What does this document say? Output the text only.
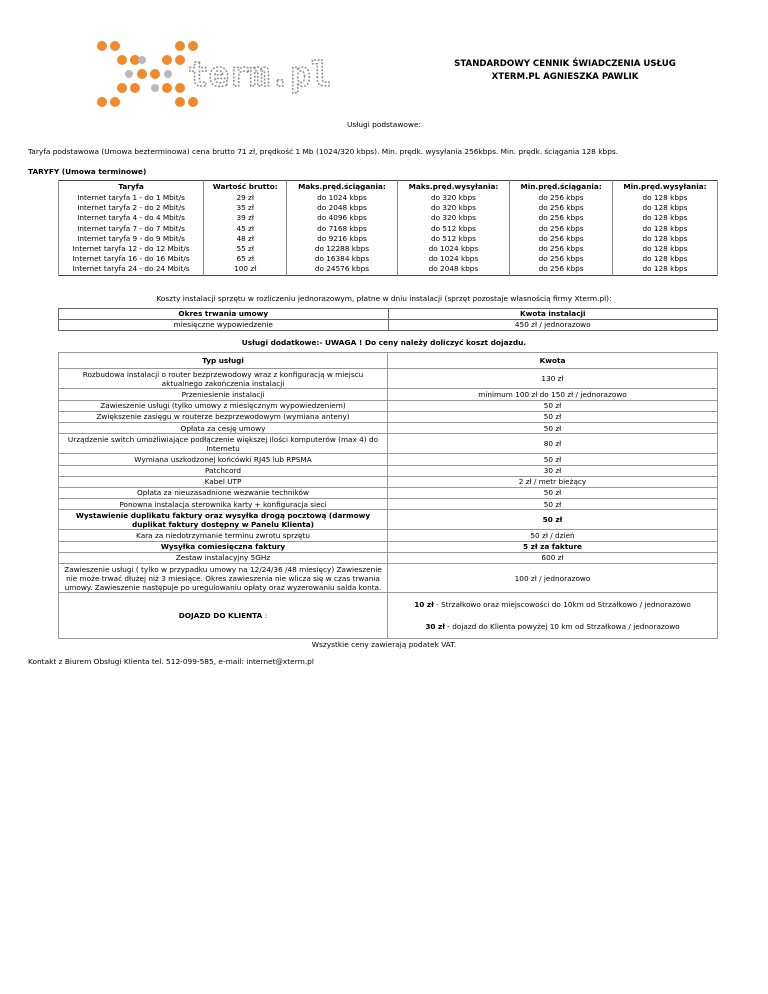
term.pl	STANDARDOWY CENNIK ŚWIADCZENIA USŁUG
XTERM.PL AGNIESZKA PAWLIK
Usługi podstawowe:
Taryfa podstawowa (Umowa bezterminowa) cena brutto 71 zł, prędkość 1 Mb (1024/320 kbps). Min. prędk. wysyłania 256kbps. Min. prędk. ściągania 128 kbps.
TARYFY (Umowa terminowe)
Taryfa	Wartość brutto:	Maks.pręd.ściągania:	Maks.pręd.wysyłania:	Min.pręd.ściągania:	Min.pręd.wysyłania:
Internet taryfa 1 - do 1 Mbit/s	29 zł	do 1024 kbps	do 320 kbps	do 256 kbps	do 128 kbps
Internet taryfa 2 - do 2 Mbit/s	35 zł	do 2048 kbps	do 320 kbps	do 256 kbps	do 128 kbps
Internet taryfa 4 - do 4 Mbit/s	39 zł	do 4096 kbps	do 320 kbps	do 256 kbps	do 128 kbps
Internet taryfa 7 - do 7 Mbit/s	45 zł	do 7168 kbps	do 512 kbps	do 256 kbps	do 128 kbps
Internet taryfa 9 - do 9 Mbit/s	48 zł	do 9216 kbps	do 512 kbps	do 256 kbps	do 128 kbps
Internet taryfa 12 - do 12 Mbit/s	55 zł	do 12288 kbps	do 1024 kbps	do 256 kbps	do 128 kbps
Internet taryfa 16 - do 16 Mbit/s	65 zł	do 16384 kbps	do 1024 kbps	do 256 kbps	do 128 kbps
Internet taryfa 24 - do 24 Mbit/s	100 zł	do 24576 kbps	do 2048 kbps	do 256 kbps	do 128 kbps
Koszty instalacji sprzętu w rozliczeniu jednorazowym, płatne w dniu instalacji (sprzęt pozostaje własnością firmy Xterm.pl):
Okres trwania umowy	Kwota instalacji
miesięczne wypowiedzenie	450 zł / jednorazowo
Usługi dodatkowe:- UWAGA ! Do ceny należy doliczyć koszt dojazdu.
Typ usługi	Kwota
Rozbudowa instalacji o router bezprzewodowy wraz z konfiguracją w miejscu aktualnego zakończenia instalacji	130 zł
Przeniesienie instalacji	minimum 100 zł do 150 zł / jednorazowo
Zawieszenie usługi (tylko umowy z miesięcznym wypowiedzeniem)	50 zł
Zwiększenie zasięgu w routerze bezprzewodowym (wymiana anteny)	50 zł
Opłata za cesję umowy	50 zł
Urządzenie switch umożliwiające podłączenie większej ilości komputerów (max 4) do Internetu	80 zł
Wymiana uszkodzonej końcówki RJ45 lub RPSMA	50 zł
Patchcord	30 zł
Kabel UTP	2 zł / metr bieżący
Opłata za nieuzasadnione wezwanie techników	50 zł
Ponowna instalacja sterownika karty + konfiguracja sieci	50 zł
Wystawienie duplikatu faktury oraz wysyłka drogą pocztową (darmowy duplikat faktury dostępny w Panelu Klienta)	50 zł
Kara za niedotrzymanie terminu zwrotu sprzętu	50 zł / dzień
Wysyłka comiesięczna faktury	5 zł za fakture
Zestaw instalacyjny 5GHz	600 zł
Zawieszenie usługi ( tylko w przypadku umowy na 12/24/36 /48 miesięcy) Zawieszenie nie może trwać dłużej niż 3 miesiące. Okres zawieszenia nie wlicza się w czas trwania umowy. Zawieszenie następuje po uregulowaniu opłaty oraz wyzerowaniu salda konta.	100 zł / jednorazowo
DOJAZD DO KLIENTA :	10 zł - Strzałkowo oraz miejscowości do 10km od Strzałkowo / jednorazowo
30 zł - dojazd do Klienta powyżej 10 km od Strzałkowa / jednorazowo
Wszystkie ceny zawierają podatek VAT.
Kontakt z Biurem Obsługi Klienta tel. 512-099-585, e-mail: internet@xterm.pl
